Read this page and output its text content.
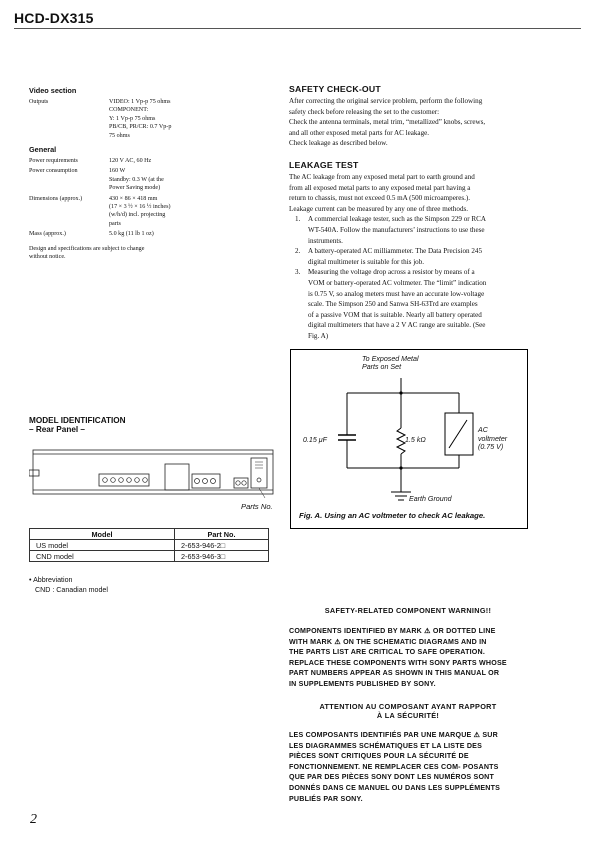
HCD-DX315
Video section
Outputs	VIDEO: 1 Vp-p 75 ohms
COMPONENT:
Y: 1 Vp-p 75 ohms
PB/CB, PR/CR: 0.7 Vp-p
75 ohms
General
Power requirements	120 V AC, 60 Hz
Power consumption	160 W
Standby: 0.3 W (at the
Power Saving mode)
Dimensions (approx.)	430 × 86 × 418 mm
(17 × 3 ½ × 16 ½ inches)
(w/h/d) incl. projecting
parts
Mass (approx.)	5.0 kg (11 lb 1 oz)
Design and specifications are subject to change
without notice.
SAFETY CHECK-OUT
After correcting the original service problem, perform the following
safety check before releasing the set to the customer:
Check the antenna terminals, metal trim, “metallized” knobs, screws,
and all other exposed metal parts for AC leakage.
Check leakage as described below.
LEAKAGE TEST
The AC leakage from any exposed metal part to earth ground and
from all exposed metal parts to any exposed metal part having a
return to chassis, must not exceed 0.5 mA (500 microamperes.).
Leakage current can be measured by any one of three methods.
1.	A commercial leakage tester, such as the Simpson 229 or RCA
WT-540A. Follow the manufacturers’ instructions to use these
instruments.
2.	A battery-operated AC milliammeter. The Data Precision 245
digital multimeter is suitable for this job.
3.	Measuring the voltage drop across a resistor by means of a
VOM or battery-operated AC voltmeter. The “limit” indication
is 0.75 V, so analog meters must have an accurate low-voltage
scale. The Simpson 250 and Sanwa SH-63Trd are examples
of a passive VOM that is suitable. Nearly all battery operated
digital multimeters that have a 2 V AC range are suitable. (See
Fig. A)
To Exposed Metal
Parts on Set
0.15 μF	1.5 kΩ
AC
voltmeter
(0.75 V)
Earth Ground
Fig. A. Using an AC voltmeter to check AC leakage.
MODEL IDENTIFICATION
– Rear Panel –
Parts No.
Model	Part No.
US model	2-653-946-2□
CND model	2-653-946-3□
• Abbreviation
CND : Canadian model
SAFETY-RELATED COMPONENT WARNING!!
COMPONENTS IDENTIFIED BY MARK ⚠ OR DOTTED LINE
WITH MARK ⚠ ON THE SCHEMATIC DIAGRAMS AND IN
THE PARTS LIST ARE CRITICAL TO SAFE OPERATION.
REPLACE THESE COMPONENTS WITH SONY PARTS WHOSE
PART NUMBERS APPEAR AS SHOWN IN THIS MANUAL OR
IN SUPPLEMENTS PUBLISHED BY SONY.
ATTENTION AU COMPOSANT AYANT RAPPORT
À LA SÉCURITÉ!
LES COMPOSANTS IDENTIFIÉS PAR UNE MARQUE ⚠ SUR
LES DIAGRAMMES SCHÉMATIQUES ET LA LISTE DES
PIÈCES SONT CRITIQUES POUR LA SÉCURITÉ DE
FONCTIONNEMENT. NE REMPLACER CES COM- POSANTS
QUE PAR DES PIÈCES SONY DONT LES NUMÉROS SONT
DONNÉS DANS CE MANUEL OU DANS LES SUPPLÉMENTS
PUBLIÉS PAR SONY.
2
